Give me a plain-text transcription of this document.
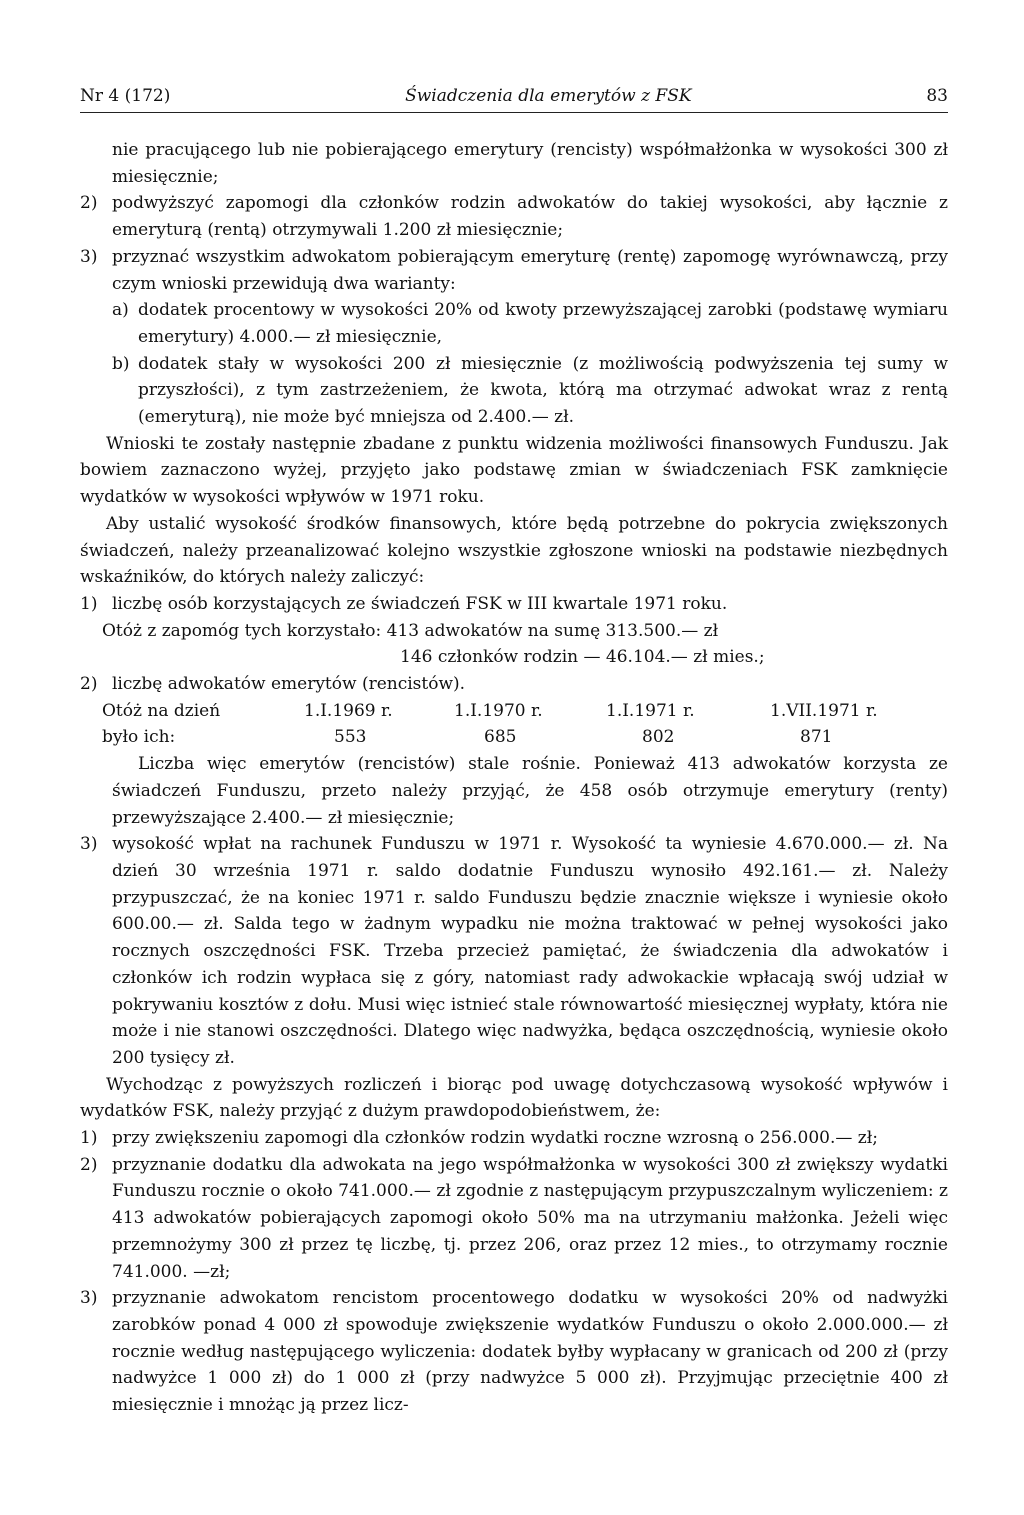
Nr 4 (172)	Świadczenia dla emerytów z FSK	83

nie pracującego lub nie pobierającego emerytury (rencisty) współmałżonka w wysokości 300 zł miesięcznie;

2) podwyższyć zapomogi dla członków rodzin adwokatów do takiej wysokości, aby łącznie z emeryturą (rentą) otrzymywali 1.200 zł miesięcznie;

3) przyznać wszystkim adwokatom pobierającym emeryturę (rentę) zapomogę wyrównawczą, przy czym wnioski przewidują dwa warianty:

a) dodatek procentowy w wysokości 20% od kwoty przewyższającej zarobki (podstawę wymiaru emerytury) 4.000.— zł miesięcznie,

b) dodatek stały w wysokości 200 zł miesięcznie (z możliwością podwyższenia tej sumy w przyszłości), z tym zastrzeżeniem, że kwota, którą ma otrzymać adwokat wraz z rentą (emeryturą), nie może być mniejsza od 2.400.— zł.

Wnioski te zostały następnie zbadane z punktu widzenia możliwości finansowych Funduszu. Jak bowiem zaznaczono wyżej, przyjęto jako podstawę zmian w świadczeniach FSK zamknięcie wydatków w wysokości wpływów w 1971 roku.

Aby ustalić wysokość środków finansowych, które będą potrzebne do pokrycia zwiększonych świadczeń, należy przeanalizować kolejno wszystkie zgłoszone wnioski na podstawie niezbędnych wskaźników, do których należy zaliczyć:

1) liczbę osób korzystających ze świadczeń FSK w III kwartale 1971 roku.

Otóż z zapomóg tych korzystało: 413 adwokatów na sumę 313.500.— zł
146 członków rodzin — 46.104.— zł mies.;

2) liczbę adwokatów emerytów (rencistów).

Otóż na dzień	1.I.1969 r.	1.I.1970 r.	1.I.1971 r.	1.VII.1971 r.
było ich:	553	685	802	871

Liczba więc emerytów (rencistów) stale rośnie. Ponieważ 413 adwokatów korzysta ze świadczeń Funduszu, przeto należy przyjąć, że 458 osób otrzymuje emerytury (renty) przewyższające 2.400.— zł miesięcznie;

3) wysokość wpłat na rachunek Funduszu w 1971 r. Wysokość ta wyniesie 4.670.000.— zł. Na dzień 30 września 1971 r. saldo dodatnie Funduszu wynosiło 492.161.— zł. Należy przypuszczać, że na koniec 1971 r. saldo Funduszu będzie znacznie większe i wyniesie około 600.00.— zł. Salda tego w żadnym wypadku nie można traktować w pełnej wysokości jako rocznych oszczędności FSK. Trzeba przecież pamiętać, że świadczenia dla adwokatów i członków ich rodzin wypłaca się z góry, natomiast rady adwokackie wpłacają swój udział w pokrywaniu kosztów z dołu. Musi więc istnieć stale równowartość miesięcznej wypłaty, która nie może i nie stanowi oszczędności. Dlatego więc nadwyżka, będąca oszczędnością, wyniesie około 200 tysięcy zł.

Wychodząc z powyższych rozliczeń i biorąc pod uwagę dotychczasową wysokość wpływów i wydatków FSK, należy przyjąć z dużym prawdopodobieństwem, że:

1) przy zwiększeniu zapomogi dla członków rodzin wydatki roczne wzrosną o 256.000.— zł;

2) przyznanie dodatku dla adwokata na jego współmałżonka w wysokości 300 zł zwiększy wydatki Funduszu rocznie o około 741.000.— zł zgodnie z następującym przypuszczalnym wyliczeniem: z 413 adwokatów pobierających zapomogi około 50% ma na utrzymaniu małżonka. Jeżeli więc przemnożymy 300 zł przez tę liczbę, tj. przez 206, oraz przez 12 mies., to otrzymamy rocznie 741.000. —zł;

3) przyznanie adwokatom rencistom procentowego dodatku w wysokości 20% od nadwyżki zarobków ponad 4 000 zł spowoduje zwiększenie wydatków Funduszu o około 2.000.000.— zł rocznie według następującego wyliczenia: dodatek byłby wypłacany w granicach od 200 zł (przy nadwyżce 1 000 zł) do 1 000 zł (przy nadwyżce 5 000 zł). Przyjmując przeciętnie 400 zł miesięcznie i mnożąc ją przez licz-
